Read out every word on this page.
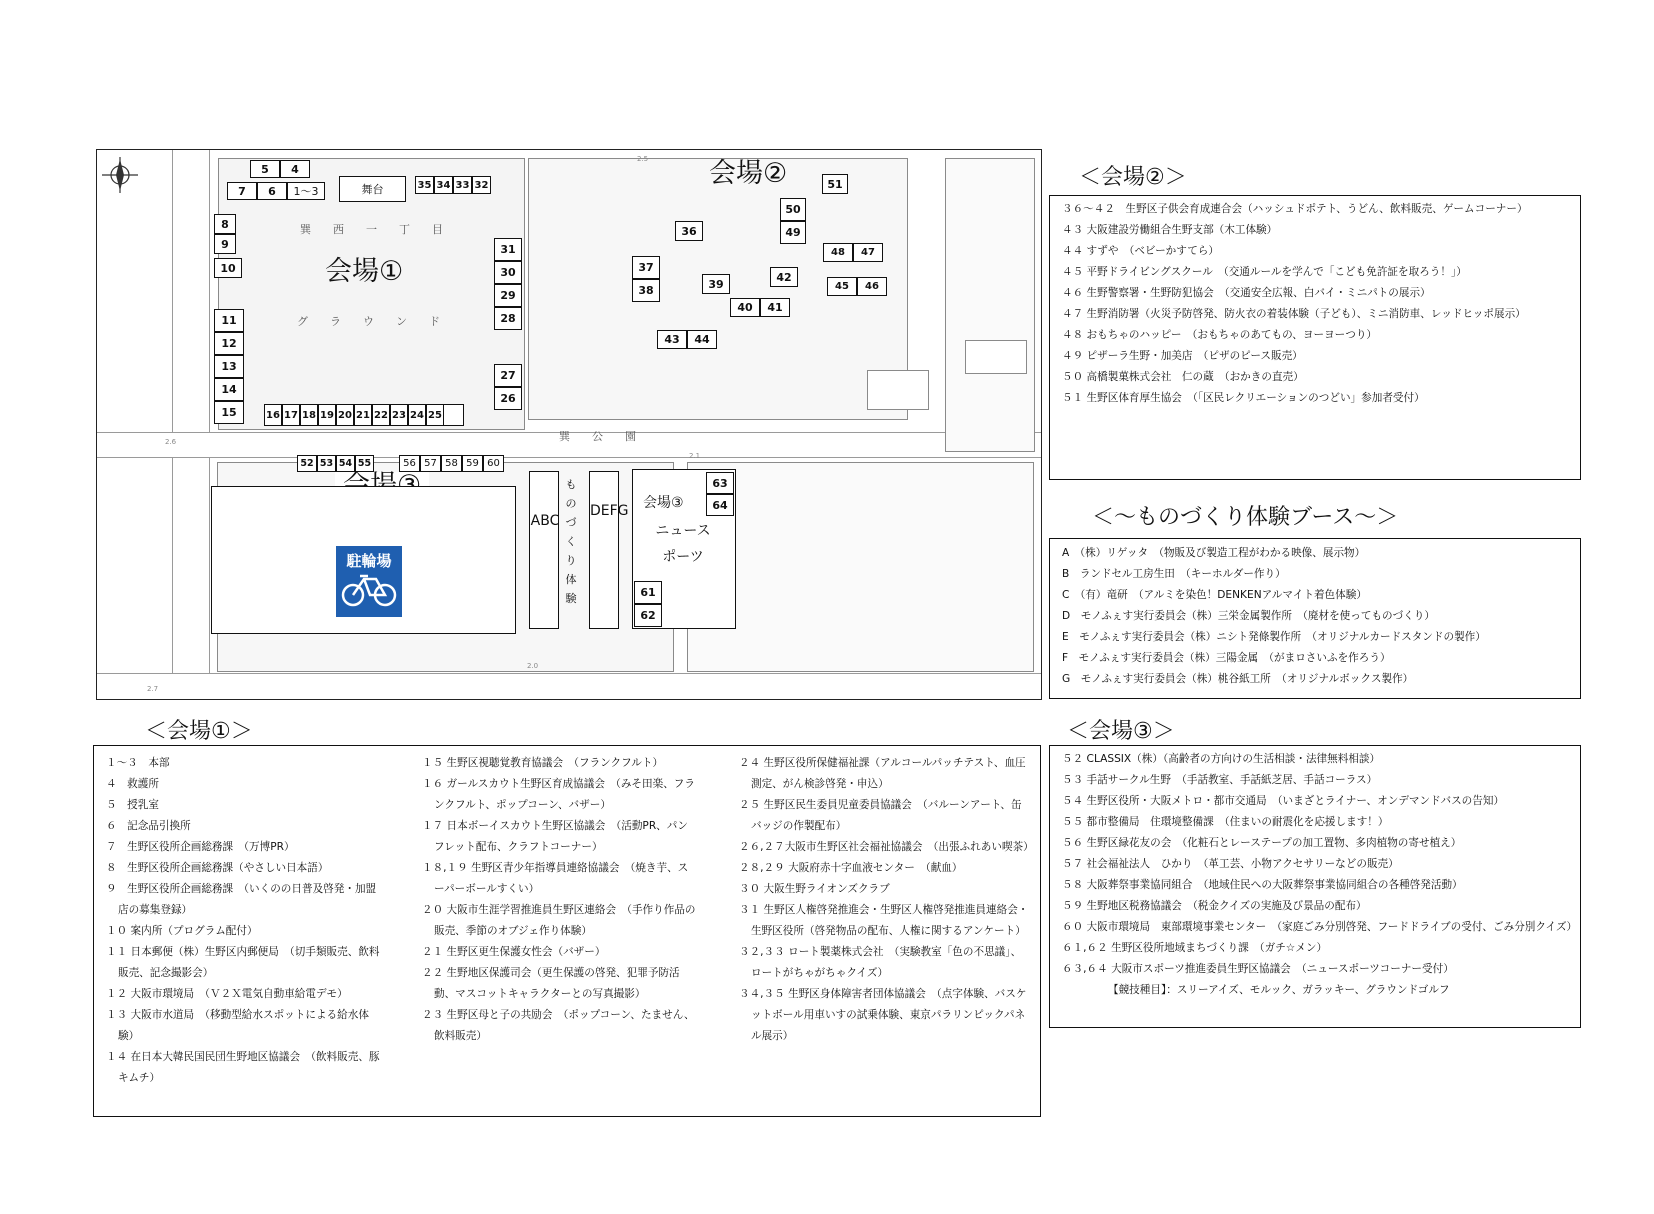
2.5
2.6
2.1
2.0
2.7
巽西一丁目
グラウンド
巽公園
会場①
会場②
舞台
5	4
7	6	1～3	35 34 33 32
8
9
10
11
12
13
14
15	16 17 18 19 20 21 22 23 24 25
31
30
29
28
27
26
36
37
38	39
40	41
42
43	44
50
49
51
48	47
45	46
52 53 54 55	56 57 58 59 60
駐輪場
ABC
ものづくり体験
DEFG 会場③
ニュースポーツ
63
64
61
62
＜会場②＞
３６～４２　生野区子供会育成連合会（ハッシュドポテト、うどん、飲料販売、ゲームコーナー）
４３ 大阪建設労働組合生野支部（木工体験）
４４ すずや　（ベビーかすてら）
４５ 平野ドライビングスクール　（交通ルールを学んで「こども免許証を取ろう！」）
４６ 生野警察署・生野防犯協会　（交通安全広報、白バイ・ミニパトの展示）
４７ 生野消防署（火災予防啓発、防火衣の着装体験（子ども）、ミニ消防車、レッドヒッポ展示）
４８ おもちゃのハッピー　（おもちゃのあてもの、ヨーヨーつり）
４９ ピザーラ生野・加美店　（ピザのピース販売）
５０ 高橋製菓株式会社　仁の蔵　（おかきの直売）
５１ 生野区体育厚生協会　（「区民レクリエーションのつどい」参加者受付）
＜～ものづくり体験ブース～＞
A　（株）リゲッタ　（物販及び製造工程がわかる映像、展示物）
B　ランドセル工房生田　（キーホルダー作り）
C　（有）竜研　（アルミを染色！DENKENアルマイト着色体験）
D　モノふぇす実行委員会（株）三栄金属製作所　（廃材を使ってものづくり）
E　モノふぇす実行委員会（株）ニシト発條製作所　（オリジナルカードスタンドの製作）
F　モノふぇす実行委員会（株）三陽金属　（がまロさいふを作ろう）
G　モノふぇす実行委員会（株）桃谷紙工所　（オリジナルボックス製作）
＜会場①＞
１～３　本部
４　救護所
５　授乳室
６　記念品引換所
７　生野区役所企画総務課　（万博PR）
８　生野区役所企画総務課（やさしい日本語）
９　生野区役所企画総務課　（いくのの日普及啓発・加盟店の募集登録）
１０ 案内所（プログラム配付）
１１ 日本郵便（株）生野区内郵便局　（切手類販売、飲料販売、記念撮影会）
１２ 大阪市環境局　（Ｖ２Ｘ電気自動車給電デモ）
１３ 大阪市水道局　（移動型給水スポットによる給水体験）
１４ 在日本大韓民国民団生野地区協議会　（飲料販売、豚キムチ）
１５ 生野区視聴覚教育協議会　（フランクフルト）
１６ ガールスカウト生野区育成協議会　（みそ田楽、フランクフルト、ポップコーン、バザー）
１７ 日本ボーイスカウト生野区協議会　（活動PR、パンフレット配布、クラフトコーナー）
１８,１９ 生野区青少年指導員連絡協議会　（焼き芋、スーパーボールすくい）
２０ 大阪市生涯学習推進員生野区連絡会　（手作り作品の販売、季節のオブジェ作り体験）
２１ 生野区更生保護女性会（バザー）
２２ 生野地区保護司会（更生保護の啓発、犯罪予防活動、マスコットキャラクターとの写真撮影）
２３ 生野区母と子の共励会　（ポップコーン、たません、飲料販売）
２４ 生野区役所保健福祉課（アルコールパッチテスト、血圧測定、がん検診啓発・申込）
２５ 生野区民生委員児童委員協議会　（バルーンアート、缶バッジの作製配布）
２６,２７大阪市生野区社会福祉協議会　（出張ふれあい喫茶）
２８,２９ 大阪府赤十字血液センター　（献血）
３０ 大阪生野ライオンズクラブ
３１ 生野区人権啓発推進会・生野区人権啓発推進員連絡会・生野区役所（啓発物品の配布、人権に関するアンケート）
３２,３３ ロート製薬株式会社　（実験教室「色の不思議」、ロートがちゃがちゃクイズ）
３４,３５ 生野区身体障害者団体協議会　（点字体験、バスケットボール用車いすの試乗体験、東京パラリンピックパネル展示）
＜会場③＞
５２ CLASSIX（株）（高齢者の方向けの生活相談・法律無料相談）
５３ 手話サークル生野　（手話教室、手話紙芝居、手話コーラス）
５４ 生野区役所・大阪メトロ・都市交通局　（いまざとライナー、オンデマンドバスの告知）
５５ 都市整備局　住環境整備課　（住まいの耐震化を応援します！）
５６ 生野区緑花友の会　（化粧石とレーステープの加工置物、多肉植物の寄せ植え）
５７ 社会福祉法人　ひかり　（革工芸、小物アクセサリーなどの販売）
５８ 大阪葬祭事業協同組合　（地域住民への大阪葬祭事業協同組合の各種啓発活動）
５９ 生野地区税務協議会　（税金クイズの実施及び景品の配布）
６０ 大阪市環境局　東部環境事業センター　（家庭ごみ分別啓発、フードドライブの受付、ごみ分別クイズ）
６１,６２ 生野区役所地域まちづくり課　（ガチ☆メン）
６３,６４ 大阪市スポーツ推進委員生野区協議会　（ニュースポーツコーナー受付）
【競技種目】：スリーアイズ、モルック、ガラッキー、グラウンドゴルフ
